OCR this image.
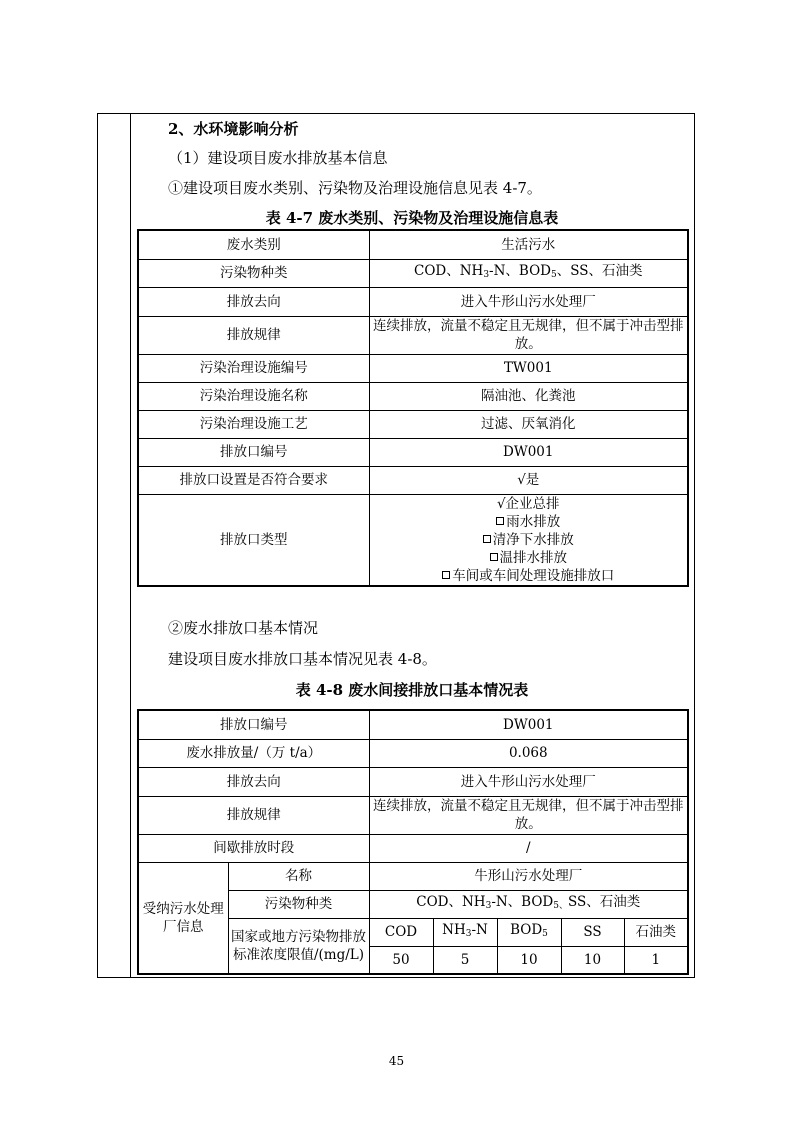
2、水环境影响分析
（1）建设项目废水排放基本信息
①建设项目废水类别、污染物及治理设施信息见表 4-7。
表 4-7 废水类别、污染物及治理设施信息表
废水类别	生活污水
污染物种类	COD、$NH_3-N$、$BOD_5$、SS、石油类
排放去向	进入牛形山污水处理厂
排放规律	连续排放，流量不稳定且无规律，但不属于冲击型排放。
污染治理设施编号	TW001
污染治理设施名称	隔油池、化粪池
污染治理设施工艺	过滤、厌氧消化
排放口编号	DW001
排放口设置是否符合要求	√是
排放口类型	√企业总排
雨水排放
清净下水排放
温排水排放
车间或车间处理设施排放口
②废水排放口基本情况
建设项目废水排放口基本情况见表 4-8。
表 4-8 废水间接排放口基本情况表
排放口编号		DW001				
废水排放量/（万 t/a）		0.068				
排放去向		进入牛形山污水处理厂				
排放规律		连续排放，流量不稳定且无规律，但不属于冲击型排放。				
间歇排放时段		/				
受纳污水处理厂信息	名称	牛形山污水处理厂				
	污染物种类	COD、$NH_3-N$、$BOD_{5、}SS$、石油类				
	国家或地方污染物排放标准浓度限值/(mg/L)	COD	$NH_3-N$	$BOD_5$	SS	石油类
		50	5	10	10	1
45
